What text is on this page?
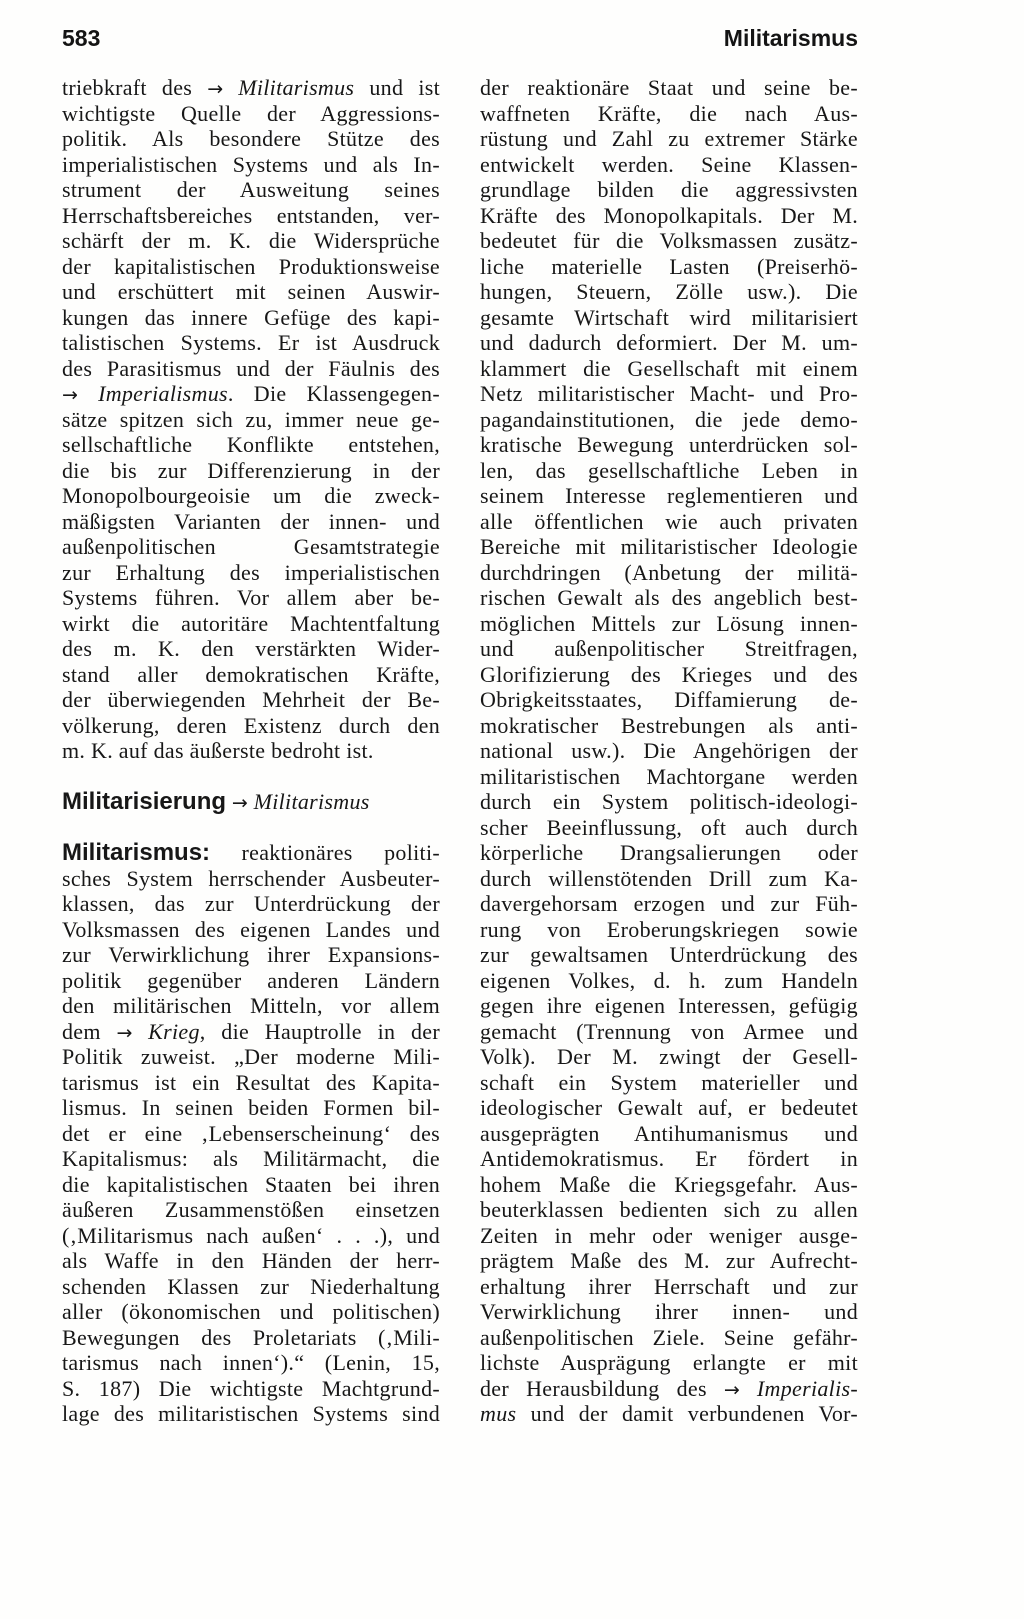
583	Militarismus
triebkraft des → Militarismus und ist
wichtigste Quelle der Aggressions-
politik. Als besondere Stütze des
imperialistischen Systems und als In-
strument der Ausweitung seines
Herrschaftsbereiches entstanden, ver-
schärft der m. K. die Widersprüche
der kapitalistischen Produktionsweise
und erschüttert mit seinen Auswir-
kungen das innere Gefüge des kapi-
talistischen Systems. Er ist Ausdruck
des Parasitismus und der Fäulnis des
→ Imperialismus. Die Klassengegen-
sätze spitzen sich zu, immer neue ge-
sellschaftliche Konflikte entstehen,
die bis zur Differenzierung in der
Monopolbourgeoisie um die zweck-
mäßigsten Varianten der innen- und
außenpolitischen Gesamtstrategie
zur Erhaltung des imperialistischen
Systems führen. Vor allem aber be-
wirkt die autoritäre Machtentfaltung
des m. K. den verstärkten Wider-
stand aller demokratischen Kräfte,
der überwiegenden Mehrheit der Be-
völkerung, deren Existenz durch den
m. K. auf das äußerste bedroht ist.
Militarisierung → Militarismus
Militarismus: reaktionäres politi-
sches System herrschender Ausbeuter-
klassen, das zur Unterdrückung der
Volksmassen des eigenen Landes und
zur Verwirklichung ihrer Expansions-
politik gegenüber anderen Ländern
den militärischen Mitteln, vor allem
dem → Krieg, die Hauptrolle in der
Politik zuweist. „Der moderne Mili-
tarismus ist ein Resultat des Kapita-
lismus. In seinen beiden Formen bil-
det er eine ‚Lebenserscheinung‘ des
Kapitalismus: als Militärmacht, die
die kapitalistischen Staaten bei ihren
äußeren Zusammenstößen einsetzen
(‚Militarismus nach außen‘ . . .), und
als Waffe in den Händen der herr-
schenden Klassen zur Niederhaltung
aller (ökonomischen und politischen)
Bewegungen des Proletariats (‚Mili-
tarismus nach innen‘).“ (Lenin, 15,
S. 187) Die wichtigste Machtgrund-
lage des militaristischen Systems sind
der reaktionäre Staat und seine be-
waffneten Kräfte, die nach Aus-
rüstung und Zahl zu extremer Stärke
entwickelt werden. Seine Klassen-
grundlage bilden die aggressivsten
Kräfte des Monopolkapitals. Der M.
bedeutet für die Volksmassen zusätz-
liche materielle Lasten (Preiserhö-
hungen, Steuern, Zölle usw.). Die
gesamte Wirtschaft wird militarisiert
und dadurch deformiert. Der M. um-
klammert die Gesellschaft mit einem
Netz militaristischer Macht- und Pro-
pagandainstitutionen, die jede demo-
kratische Bewegung unterdrücken sol-
len, das gesellschaftliche Leben in
seinem Interesse reglementieren und
alle öffentlichen wie auch privaten
Bereiche mit militaristischer Ideologie
durchdringen (Anbetung der militä-
rischen Gewalt als des angeblich best-
möglichen Mittels zur Lösung innen-
und außenpolitischer Streitfragen,
Glorifizierung des Krieges und des
Obrigkeitsstaates, Diffamierung de-
mokratischer Bestrebungen als anti-
national usw.). Die Angehörigen der
militaristischen Machtorgane werden
durch ein System politisch-ideologi-
scher Beeinflussung, oft auch durch
körperliche Drangsalierungen oder
durch willenstötenden Drill zum Ka-
davergehorsam erzogen und zur Füh-
rung von Eroberungskriegen sowie
zur gewaltsamen Unterdrückung des
eigenen Volkes, d. h. zum Handeln
gegen ihre eigenen Interessen, gefügig
gemacht (Trennung von Armee und
Volk). Der M. zwingt der Gesell-
schaft ein System materieller und
ideologischer Gewalt auf, er bedeutet
ausgeprägten Antihumanismus und
Antidemokratismus. Er fördert in
hohem Maße die Kriegsgefahr. Aus-
beuterklassen bedienten sich zu allen
Zeiten in mehr oder weniger ausge-
prägtem Maße des M. zur Aufrecht-
erhaltung ihrer Herrschaft und zur
Verwirklichung ihrer innen- und
außenpolitischen Ziele. Seine gefähr-
lichste Ausprägung erlangte er mit
der Herausbildung des → Imperialis-
mus und der damit verbundenen Vor-
